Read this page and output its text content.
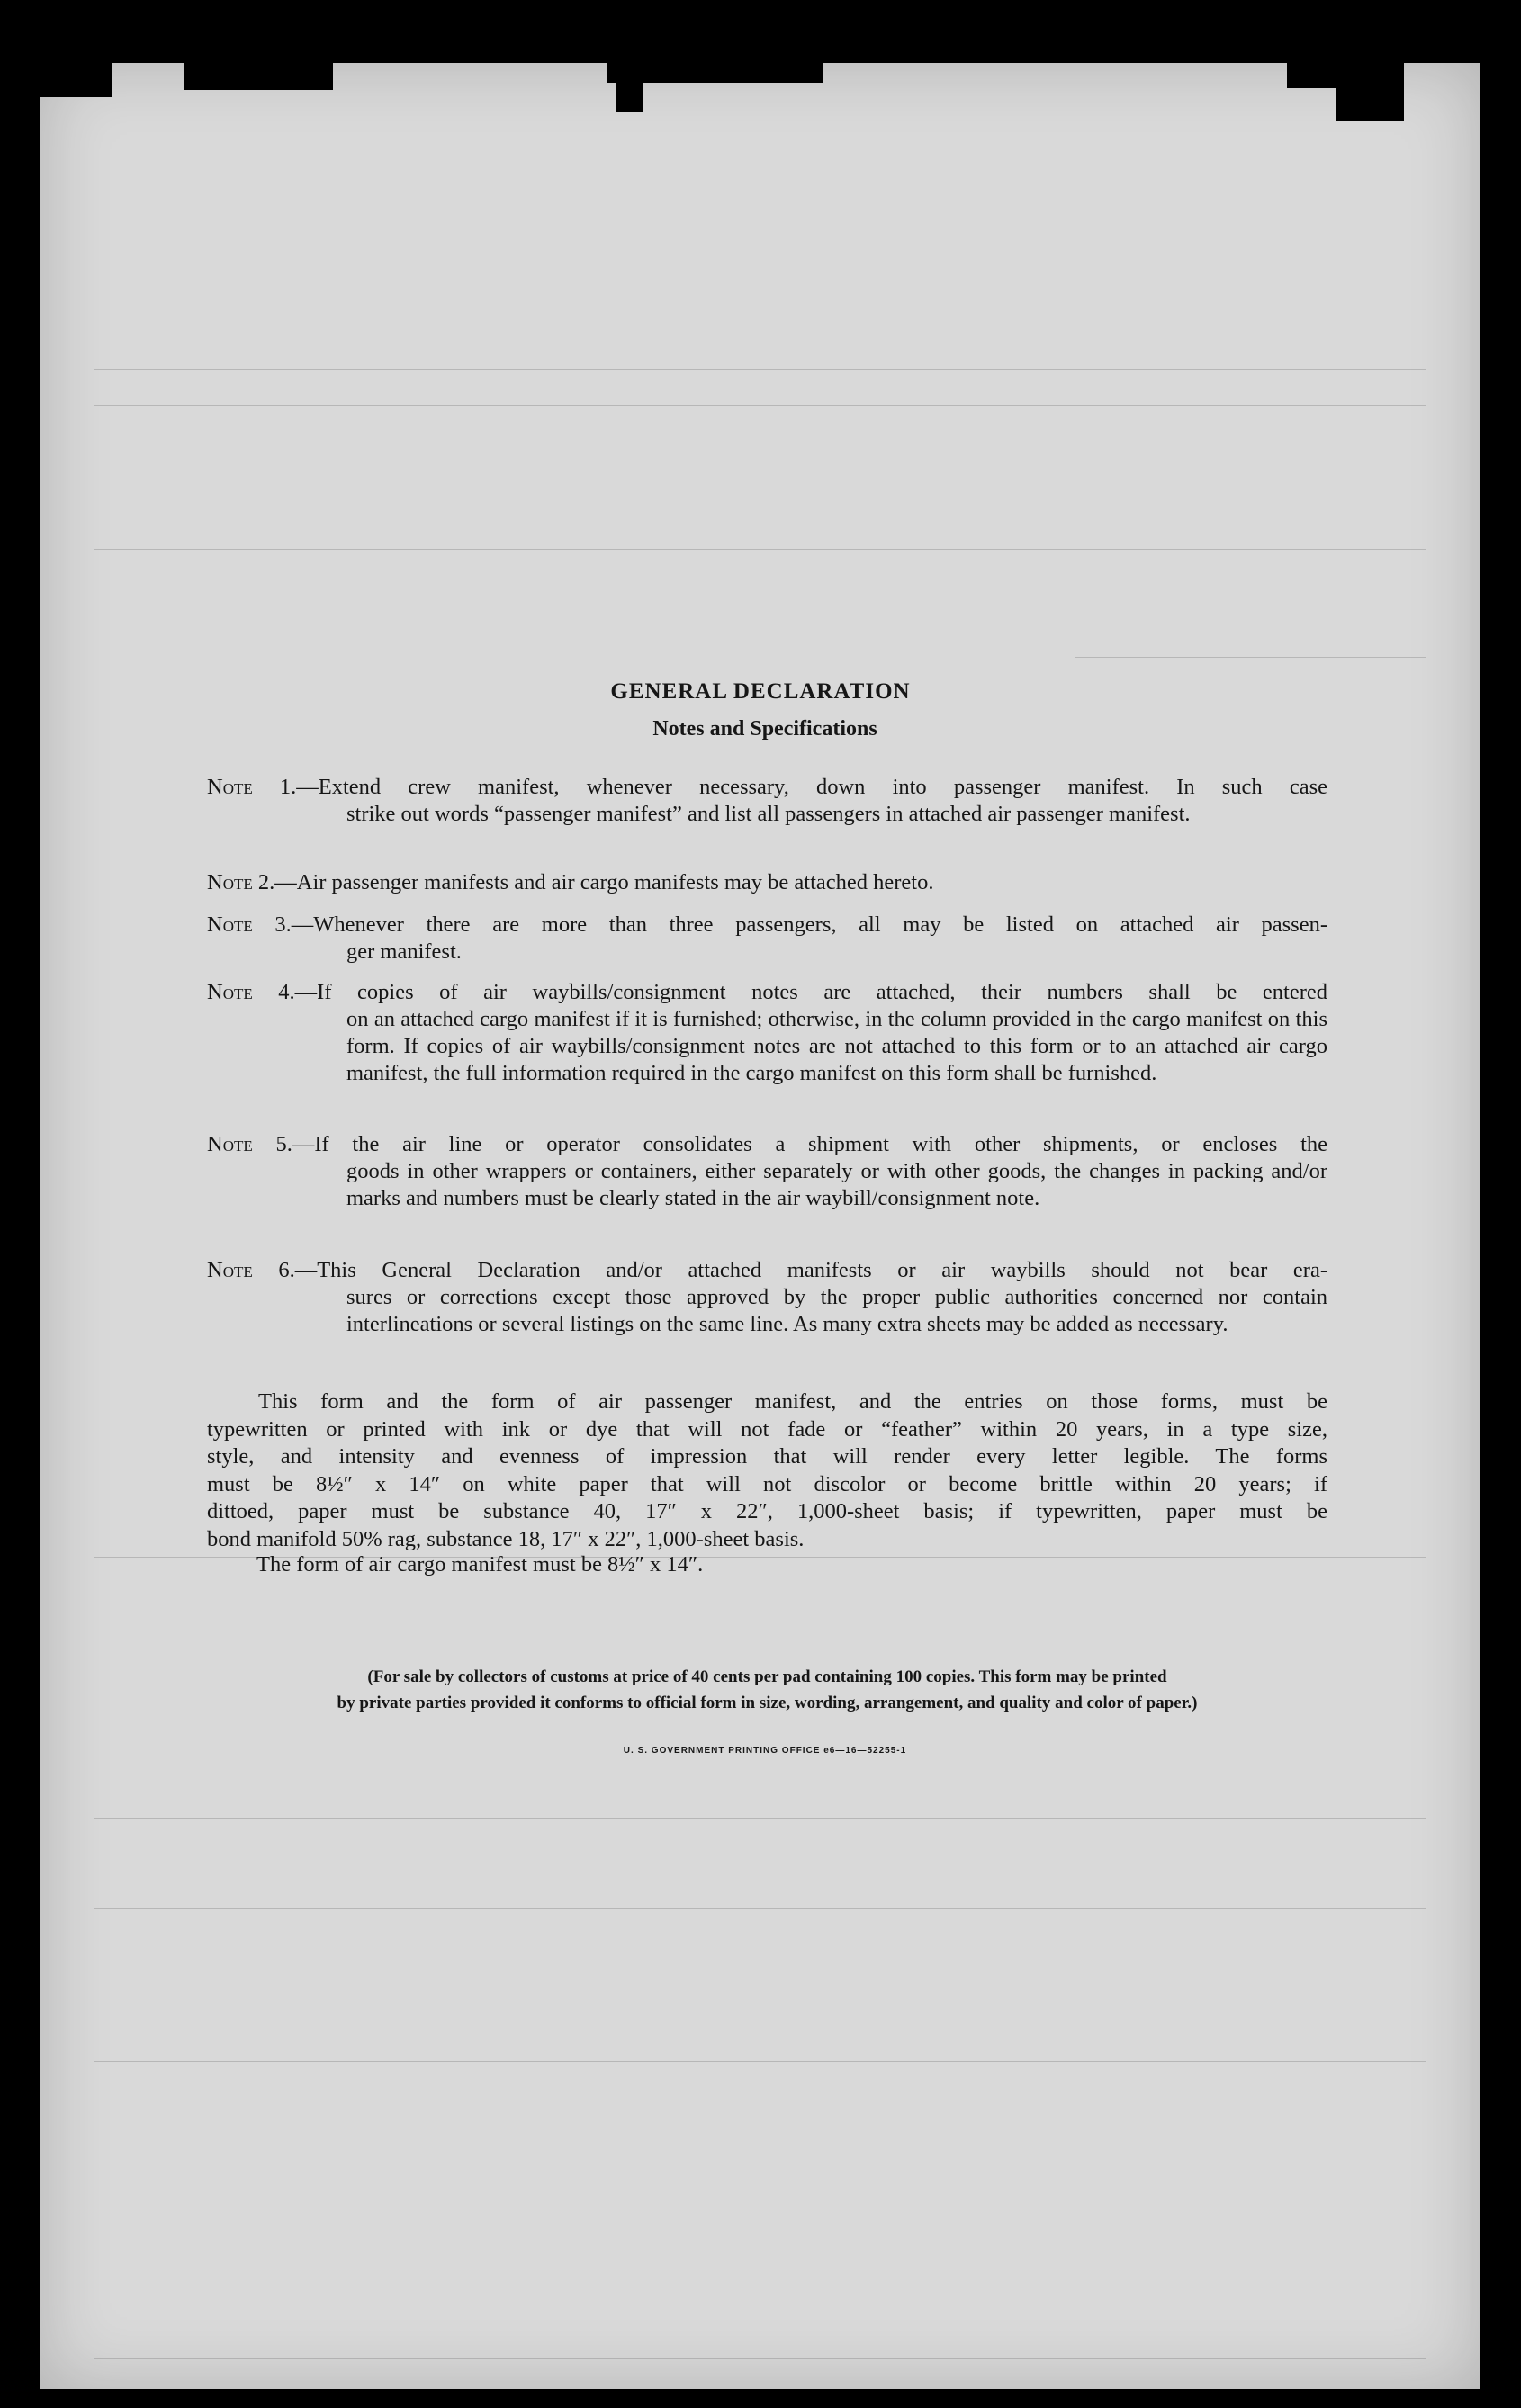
GENERAL DECLARATION
Notes and Specifications
Note 1.—Extend crew manifest, whenever necessary, down into passenger manifest. In such case
strike out words “passenger manifest” and list all passengers in attached air passenger manifest.
Note 2.—Air passenger manifests and air cargo manifests may be attached hereto.
Note 3.—Whenever there are more than three passengers, all may be listed on attached air passen-
ger manifest.
Note 4.—If copies of air waybills/consignment notes are attached, their numbers shall be entered
on an attached cargo manifest if it is furnished; otherwise, in the column provided in the cargo manifest on this form. If copies of air waybills/consignment notes are not attached to this form or to an attached air cargo manifest, the full information required in the cargo manifest on this form shall be furnished.
Note 5.—If the air line or operator consolidates a shipment with other shipments, or encloses the
goods in other wrappers or containers, either separately or with other goods, the changes in packing and/or marks and numbers must be clearly stated in the air waybill/consignment note.
Note 6.—This General Declaration and/or attached manifests or air waybills should not bear era-
sures or corrections except those approved by the proper public authorities concerned nor contain interlineations or several listings on the same line. As many extra sheets may be added as necessary.
This form and the form of air passenger manifest, and the entries on those forms, must be
typewritten or printed with ink or dye that will not fade or “feather” within 20 years, in a type size,
style, and intensity and evenness of impression that will render every letter legible. The forms
must be 8½″ x 14″ on white paper that will not discolor or become brittle within 20 years; if
dittoed, paper must be substance 40, 17″ x 22″, 1,000-sheet basis; if typewritten, paper must be
bond manifold 50% rag, substance 18, 17″ x 22″, 1,000-sheet basis.
The form of air cargo manifest must be 8½″ x 14″.
(For sale by collectors of customs at price of 40 cents per pad containing 100 copies. This form may be printed
by private parties provided it conforms to official form in size, wording, arrangement, and quality and color of paper.)
U. S. GOVERNMENT PRINTING OFFICE e6—16—52255-1
